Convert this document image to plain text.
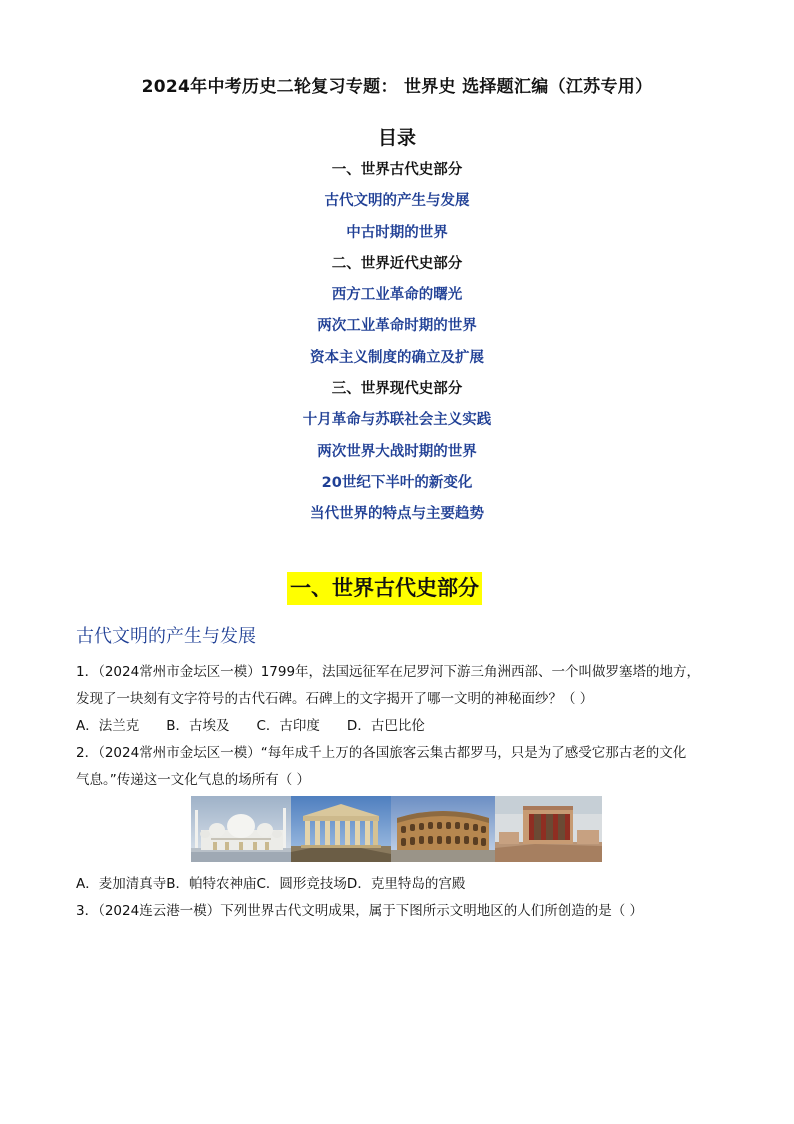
2024年中考历史二轮复习专题： 世界史 选择题汇编（江苏专用）
目录
一、世界古代史部分
古代文明的产生与发展
中古时期的世界
二、世界近代史部分
西方工业革命的曙光
两次工业革命时期的世界
资本主义制度的确立及扩展
三、世界现代史部分
十月革命与苏联社会主义实践
两次世界大战时期的世界
20世纪下半叶的新变化
当代世界的特点与主要趋势
一、世界古代史部分
古代文明的产生与发展
1．（2024常州市金坛区一模）1799年，法国远征军在尼罗河下游三角洲西部、一个叫做罗塞塔的地方，
发现了一块刻有文字符号的古代石碑。石碑上的文字揭开了哪一文明的神秘面纱？（ ）
A．法兰克　　B．古埃及　　C．古印度　　D．古巴比伦
2．（2024常州市金坛区一模）“每年成千上万的各国旅客云集古都罗马，只是为了感受它那古老的文化
气息。”传递这一文化气息的场所有（ ）
A．麦加清真寺B．帕特农神庙C．圆形竞技场D．克里特岛的宫殿
3．（2024连云港一模）下列世界古代文明成果，属于下图所示文明地区的人们所创造的是（ ）
